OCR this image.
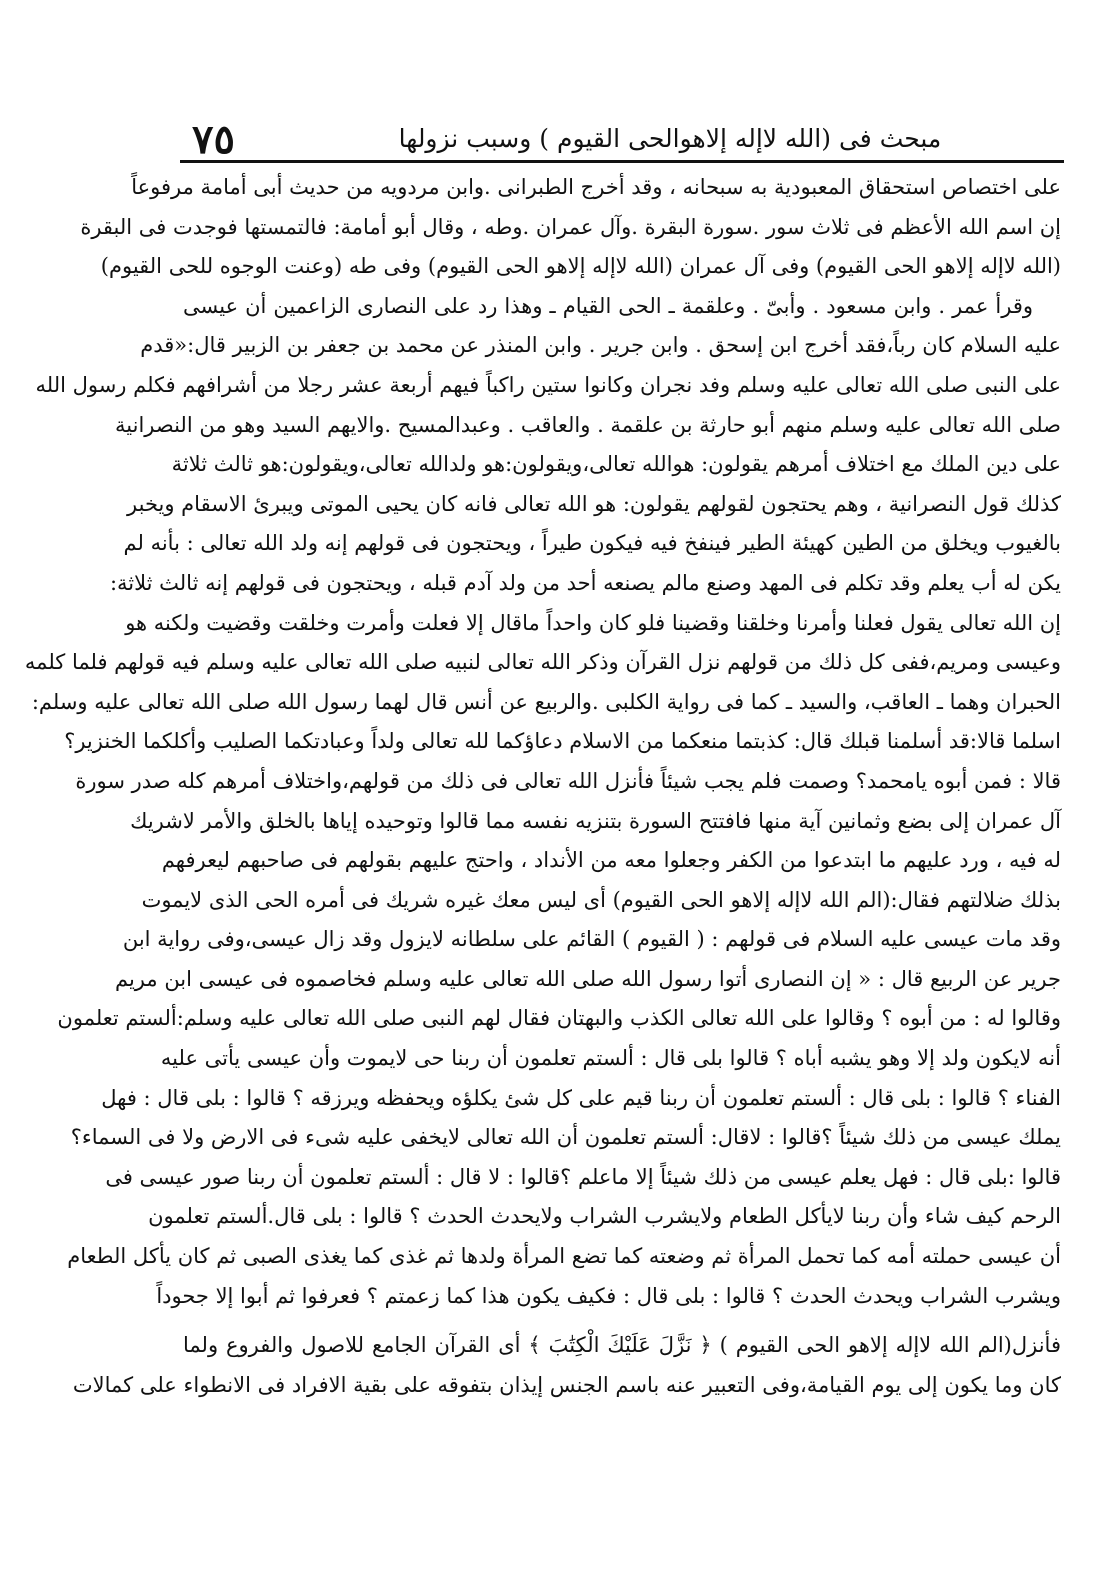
٧٥	مبحث فى (الله لاإله إلاهوالحى القيوم ) وسبب نزولها
على اختصاص استحقاق المعبودية به سبحانه ، وقد أخرج الطبرانى .وابن مردويه من حديث أبى أمامة مرفوعاً
إن اسم الله الأعظم فى ثلاث سور .سورة البقرة .وآل عمران .وطه ، وقال أبو أمامة: فالتمستها فوجدت فى البقرة
(الله لاإله إلاهو الحى القيوم) وفى آل عمران (الله لاإله إلاهو الحى القيوم) وفى طه (وعنت الوجوه للحى القيوم)
وقرأ عمر . وابن مسعود . وأبىّ . وعلقمة ـ الحى القيام ـ وهذا رد على النصارى الزاعمين أن عيسى
عليه السلام كان رباً،فقد أخرج ابن إسحق . وابن جرير . وابن المنذر عن محمد بن جعفر بن الزبير قال:«قدم
على النبى صلى الله تعالى عليه وسلم وفد نجران وكانوا ستين راكباً فيهم أربعة عشر رجلا من أشرافهم فكلم رسول الله
صلى الله تعالى عليه وسلم منهم أبو حارثة بن علقمة . والعاقب . وعبدالمسيح .والايهم السيد وهو من النصرانية
على دين الملك مع اختلاف أمرهم يقولون: هوالله تعالى،ويقولون:هو ولدالله تعالى،ويقولون:هو ثالث ثلاثة
كذلك قول النصرانية ، وهم يحتجون لقولهم يقولون: هو الله تعالى فانه كان يحيى الموتى ويبرئ الاسقام ويخبر
بالغيوب ويخلق من الطين كهيئة الطير فينفخ فيه فيكون طيراً ، ويحتجون فى قولهم إنه ولد الله تعالى : بأنه لم
يكن له أب يعلم وقد تكلم فى المهد وصنع مالم يصنعه أحد من ولد آدم قبله ، ويحتجون فى قولهم إنه ثالث ثلاثة:
إن الله تعالى يقول فعلنا وأمرنا وخلقنا وقضينا فلو كان واحداً ماقال إلا فعلت وأمرت وخلقت وقضيت ولكنه هو
وعيسى ومريم،ففى كل ذلك من قولهم نزل القرآن وذكر الله تعالى لنبيه صلى الله تعالى عليه وسلم فيه قولهم فلما كلمه
الحبران وهما ـ العاقب، والسيد ـ كما فى رواية الكلبى .والربيع عن أنس قال لهما رسول الله صلى الله تعالى عليه وسلم:
اسلما قالا:قد أسلمنا قبلك قال: كذبتما منعكما من الاسلام دعاؤكما لله تعالى ولداً وعبادتكما الصليب وأكلكما الخنزير؟
قالا : فمن أبوه يامحمد؟ وصمت فلم يجب شيئاً فأنزل الله تعالى فى ذلك من قولهم،واختلاف أمرهم كله صدر سورة
آل عمران إلى بضع وثمانين آية منها فافتتح السورة بتنزيه نفسه مما قالوا وتوحيده إياها بالخلق والأمر لاشريك
له فيه ، ورد عليهم ما ابتدعوا من الكفر وجعلوا معه من الأنداد ، واحتج عليهم بقولهم فى صاحبهم ليعرفهم
بذلك ضلالتهم فقال:(الم الله لاإله إلاهو الحى القيوم) أى ليس معك غيره شريك فى أمره الحى الذى لايموت
وقد مات عيسى عليه السلام فى قولهم : ( القيوم ) القائم على سلطانه لايزول وقد زال عيسى،وفى رواية ابن
جرير عن الربيع قال : « إن النصارى أتوا رسول الله صلى الله تعالى عليه وسلم فخاصموه فى عيسى ابن مريم
وقالوا له : من أبوه ؟ وقالوا على الله تعالى الكذب والبهتان فقال لهم النبى صلى الله تعالى عليه وسلم:ألستم تعلمون
أنه لايكون ولد إلا وهو يشبه أباه ؟ قالوا بلى قال : ألستم تعلمون أن ربنا حى لايموت وأن عيسى يأتى عليه
الفناء ؟ قالوا : بلى قال : ألستم تعلمون أن ربنا قيم على كل شئ يكلؤه ويحفظه ويرزقه ؟ قالوا : بلى قال : فهل
يملك عيسى من ذلك شيئاً ؟قالوا : لاقال: ألستم تعلمون أن الله تعالى لايخفى عليه شىء فى الارض ولا فى السماء؟
قالوا :بلى قال : فهل يعلم عيسى من ذلك شيئاً إلا ماعلم ؟قالوا : لا قال : ألستم تعلمون أن ربنا صور عيسى فى
الرحم كيف شاء وأن ربنا لايأكل الطعام ولايشرب الشراب ولايحدث الحدث ؟ قالوا : بلى قال.ألستم تعلمون
أن عيسى حملته أمه كما تحمل المرأة ثم وضعته كما تضع المرأة ولدها ثم غذى كما يغذى الصبى ثم كان يأكل الطعام
ويشرب الشراب ويحدث الحدث ؟ قالوا : بلى قال : فكيف يكون هذا كما زعمتم ؟ فعرفوا ثم أبوا إلا جحوداً
فأنزل(الم الله لاإله إلاهو الحى القيوم ) ﴿ نَزَّلَ عَلَيْكَ الْكِتَٰبَ ﴾ أى القرآن الجامع للاصول والفروع ولما
كان وما يكون إلى يوم القيامة،وفى التعبير عنه باسم الجنس إيذان بتفوقه على بقية الافراد فى الانطواء على كمالات
